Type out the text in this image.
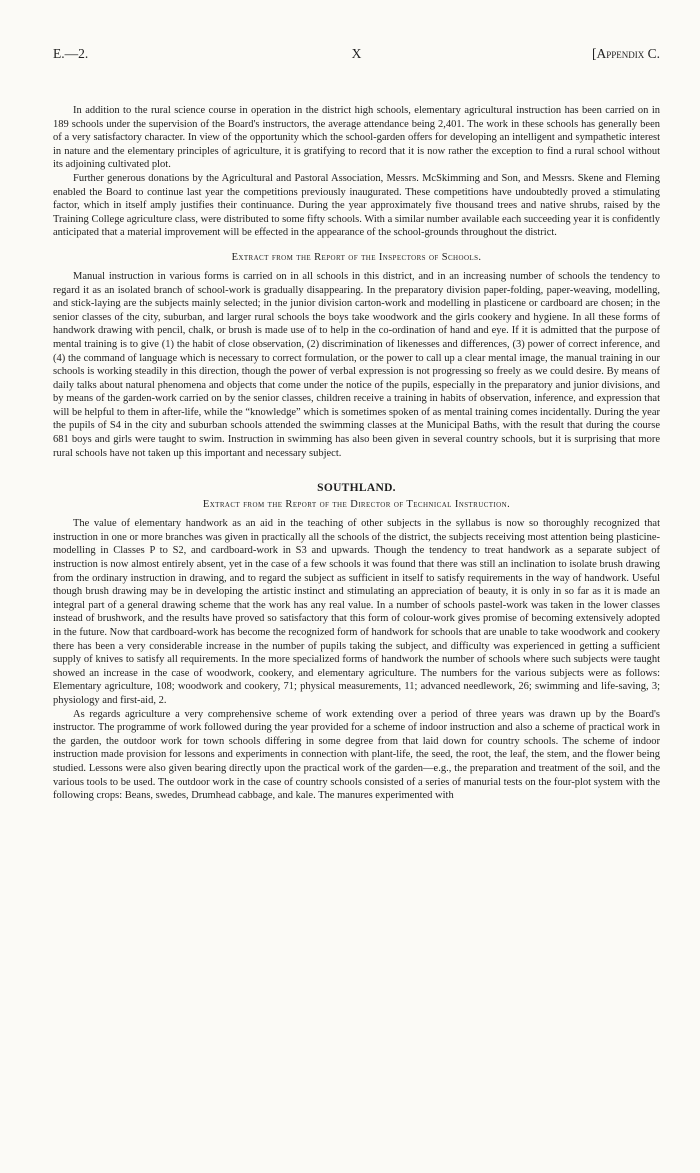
E.—2.	X	[Appendix C.

In addition to the rural science course in operation in the district high schools, elementary agricultural instruction has been carried on in 189 schools under the supervision of the Board's instructors, the average attendance being 2,401. The work in these schools has generally been of a very satisfactory character. In view of the opportunity which the school-garden offers for developing an intelligent and sympathetic interest in nature and the elementary principles of agriculture, it is gratifying to record that it is now rather the exception to find a rural school without its adjoining cultivated plot.

Further generous donations by the Agricultural and Pastoral Association, Messrs. McSkimming and Son, and Messrs. Skene and Fleming enabled the Board to continue last year the competitions previously inaugurated. These competitions have undoubtedly proved a stimulating factor, which in itself amply justifies their continuance. During the year approximately five thousand trees and native shrubs, raised by the Training College agriculture class, were distributed to some fifty schools. With a similar number available each succeeding year it is confidently anticipated that a material improvement will be effected in the appearance of the school-grounds throughout the district.

Extract from the Report of the Inspectors of Schools.

Manual instruction in various forms is carried on in all schools in this district, and in an increasing number of schools the tendency to regard it as an isolated branch of school-work is gradually disappearing. In the preparatory division paper-folding, paper-weaving, modelling, and stick-laying are the subjects mainly selected; in the junior division carton-work and modelling in plasticene or cardboard are chosen; in the senior classes of the city, suburban, and larger rural schools the boys take woodwork and the girls cookery and hygiene. In all these forms of handwork drawing with pencil, chalk, or brush is made use of to help in the co-ordination of hand and eye. If it is admitted that the purpose of mental training is to give (1) the habit of close observation, (2) discrimination of likenesses and differences, (3) power of correct inference, and (4) the command of language which is necessary to correct formulation, or the power to call up a clear mental image, the manual training in our schools is working steadily in this direction, though the power of verbal expression is not progressing so freely as we could desire. By means of daily talks about natural phenomena and objects that come under the notice of the pupils, especially in the preparatory and junior divisions, and by means of the garden-work carried on by the senior classes, children receive a training in habits of observation, inference, and expression that will be helpful to them in after-life, while the “knowledge” which is sometimes spoken of as mental training comes incidentally. During the year the pupils of S4 in the city and suburban schools attended the swimming classes at the Municipal Baths, with the result that during the course 681 boys and girls were taught to swim. Instruction in swimming has also been given in several country schools, but it is surprising that more rural schools have not taken up this important and necessary subject.

SOUTHLAND.
Extract from the Report of the Director of Technical Instruction.

The value of elementary handwork as an aid in the teaching of other subjects in the syllabus is now so thoroughly recognized that instruction in one or more branches was given in practically all the schools of the district, the subjects receiving most attention being plasticine-modelling in Classes P to S2, and cardboard-work in S3 and upwards. Though the tendency to treat handwork as a separate subject of instruction is now almost entirely absent, yet in the case of a few schools it was found that there was still an inclination to isolate brush drawing from the ordinary instruction in drawing, and to regard the subject as sufficient in itself to satisfy requirements in the way of handwork. Useful though brush drawing may be in developing the artistic instinct and stimulating an appreciation of beauty, it is only in so far as it is made an integral part of a general drawing scheme that the work has any real value. In a number of schools pastel-work was taken in the lower classes instead of brushwork, and the results have proved so satisfactory that this form of colour-work gives promise of becoming extensively adopted in the future. Now that cardboard-work has become the recognized form of handwork for schools that are unable to take woodwork and cookery there has been a very considerable increase in the number of pupils taking the subject, and difficulty was experienced in getting a sufficient supply of knives to satisfy all requirements. In the more specialized forms of handwork the number of schools where such subjects were taught showed an increase in the case of woodwork, cookery, and elementary agriculture. The numbers for the various subjects were as follows: Elementary agriculture, 108; woodwork and cookery, 71; physical measurements, 11; advanced needlework, 26; swimming and life-saving, 3; physiology and first-aid, 2.

As regards agriculture a very comprehensive scheme of work extending over a period of three years was drawn up by the Board's instructor. The programme of work followed during the year provided for a scheme of indoor instruction and also a scheme of practical work in the garden, the outdoor work for town schools differing in some degree from that laid down for country schools. The scheme of indoor instruction made provision for lessons and experiments in connection with plant-life, the seed, the root, the leaf, the stem, and the flower being studied. Lessons were also given bearing directly upon the practical work of the garden—e.g., the preparation and treatment of the soil, and the various tools to be used. The outdoor work in the case of country schools consisted of a series of manurial tests on the four-plot system with the following crops: Beans, swedes, Drumhead cabbage, and kale. The manures experimented with
